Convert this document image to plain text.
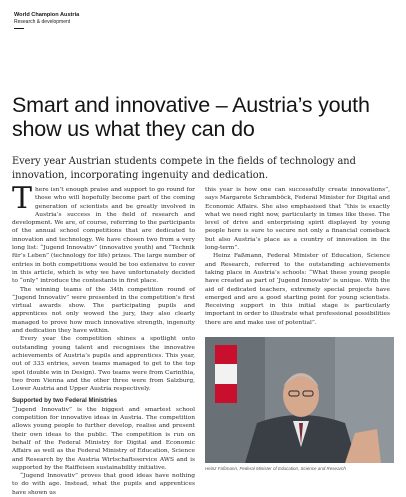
World Champion Austria
Research & development
Smart and innovative – Austria’s youth show us what they can do

Every year Austrian students compete in the fields of technology and innovation, incorporating ingenuity and dedication.

There isn’t enough praise and support to go round for those who will hopefully become part of the coming generation of scientists and be greatly involved in Austria’s success in the field of research and development. We are, of course, referring to the participants of the annual school competitions that are dedicated to innovation and technology. We have chosen two from a very long list: “Jugend Innovativ” (innovative youth) and “Technik für’s Leben” (technology for life) prizes. The large number of entries in both competitions would be too extensive to cover in this article, which is why we have unfortunately decided to “only” introduce the contestants in first place.

The winning teams of the 34th competition round of “Jugend Innovativ” were presented in the competition’s first virtual awards show. The participating pupils and apprentices not only wowed the jury, they also clearly managed to prove how much innovative strength, ingenuity and dedication they have within.

Every year the competition shines a spotlight onto outstanding young talent and recognises the innovative achievements of Austria’s pupils and apprentices. This year, out of 333 entries, seven teams managed to get to the top spot (double win in Design). Two teams were from Carinthia, two from Vienna and the other three were from Salzburg, Lower Austria and Upper Austria respectively.

Supported by two Federal Ministries

“Jugend Innovativ” is the biggest and smartest school competition for innovative ideas in Austria. The competition allows young people to further develop, realise and present their own ideas to the public. The competition is run on behalf of the Federal Ministry for Digital and Economic Affairs as well as the Federal Ministry of Education, Science and Research by the Austria Wirtschaftsservice AWS and is supported by the Raiffeisen sustainability initiative.

“Jugend Innovativ” proves that good ideas have nothing to do with age. Instead, what the pupils and apprentices have shown us

this year is how one can successfully create innovations”, says Margarete Schramböck, Federal Minister for Digital and Economic Affairs. She also emphasised that “this is exactly what we need right now, particularly in times like these. The level of drive and enterprising spirit displayed by young people here is sure to secure not only a financial comeback but also Austria’s place as a country of innovation in the long-term”.

Heinz Faßmann, Federal Minister of Education, Science and Research, referred to the outstanding achievements taking place in Austria’s schools: “What these young people have created as part of ‘Jugend Innovativ’ is unique. With the aid of dedicated teachers, extremely special projects have emerged and are a good starting point for young scientists. Receiving support in this initial stage is particularly important in order to illustrate what professional possibilities there are and make use of potential”.

Heinz Faßmann, Federal Minister of Education, Science and Research
